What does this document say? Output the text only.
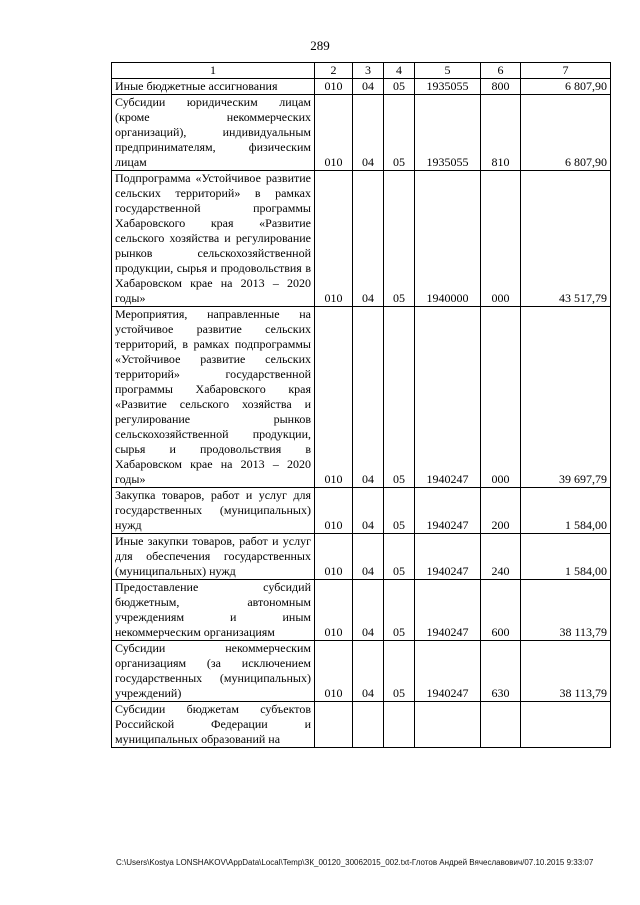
289
1	2	3	4	5	6	7
Иные бюджетные ассигнования	010	04	05	1935055	800	6 807,90
Субсидии юридическим лицам (кроме некоммерческих организаций), индивидуальным предпринимателям, физическим лицам	010	04	05	1935055	810	6 807,90
Подпрограмма «Устойчивое развитие сельских территорий» в рамках государственной программы Хабаровского края «Развитие сельского хозяйства и регулирование рынков сельскохозяйственной продукции, сырья и продовольствия в Хабаровском крае на 2013 – 2020 годы»	010	04	05	1940000	000	43 517,79
Мероприятия, направленные на устойчивое развитие сельских территорий, в рамках подпрограммы «Устойчивое развитие сельских территорий» государственной программы Хабаровского края «Развитие сельского хозяйства и регулирование рынков сельскохозяйственной продукции, сырья и продовольствия в Хабаровском крае на 2013 – 2020 годы»	010	04	05	1940247	000	39 697,79
Закупка товаров, работ и услуг для государственных (муниципальных) нужд	010	04	05	1940247	200	1 584,00
Иные закупки товаров, работ и услуг для обеспечения государственных (муниципальных) нужд	010	04	05	1940247	240	1 584,00
Предоставление субсидий бюджетным, автономным учреждениям и иным некоммерческим организациям	010	04	05	1940247	600	38 113,79
Субсидии некоммерческим организациям (за исключением государственных (муниципальных) учреждений)	010	04	05	1940247	630	38 113,79
Субсидии бюджетам субъектов Российской Федерации и муниципальных образований на						
C:\Users\Kostya LONSHAKOV\AppData\Local\Temp\ЗК_00120_30062015_002.txt-Глотов Андрей Вячеславович/07.10.2015 9:33:07
